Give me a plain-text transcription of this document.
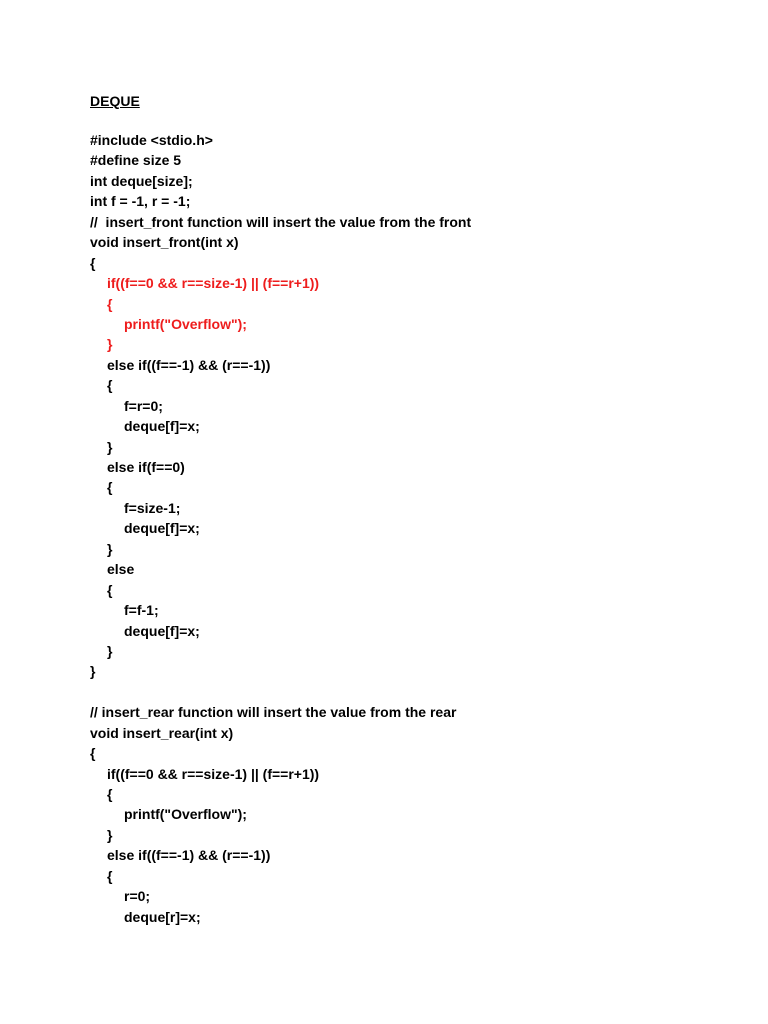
DEQUE

#include <stdio.h>
#define size 5
int deque[size];
int f = -1, r = -1;
//  insert_front function will insert the value from the front
void insert_front(int x)
{
if((f==0 && r==size-1) || (f==r+1))
{
printf("Overflow");
}
else if((f==-1) && (r==-1))
{
f=r=0;
deque[f]=x;
}
else if(f==0)
{
f=size-1;
deque[f]=x;
}
else
{
f=f-1;
deque[f]=x;
}
}
// insert_rear function will insert the value from the rear
void insert_rear(int x)
{
if((f==0 && r==size-1) || (f==r+1))
{
printf("Overflow");
}
else if((f==-1) && (r==-1))
{
r=0;
deque[r]=x;
